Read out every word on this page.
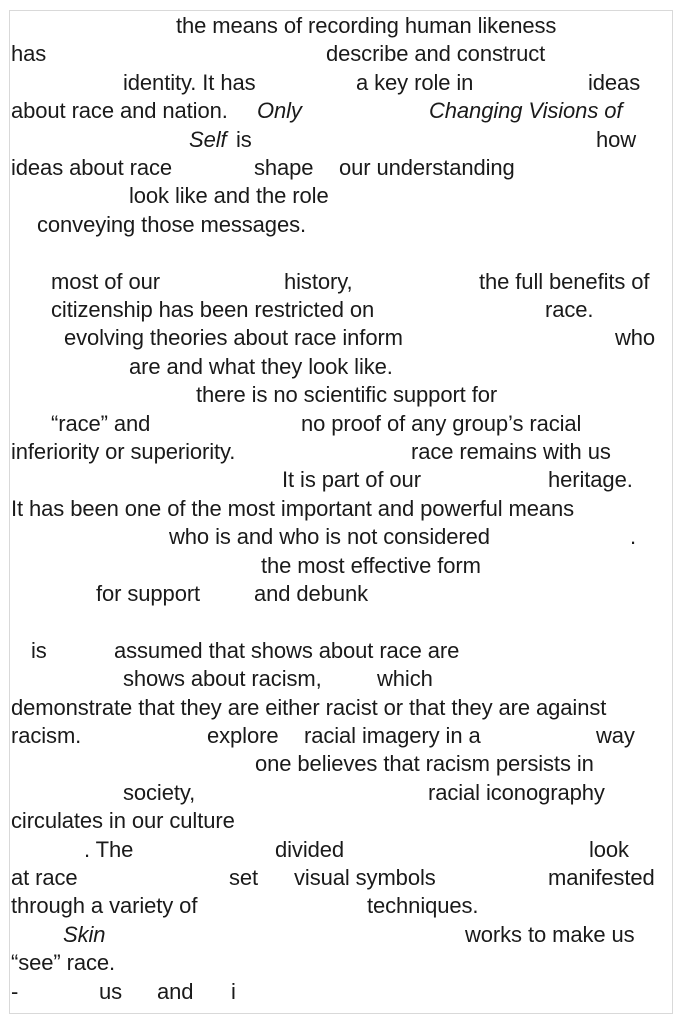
the means of recording human likeness
has	describe and construct
identity. It has	a key role in	ideas
about race and nation. Only	Changing Visions of
Self is	how
ideas about race	shape our understanding
look like and the role
conveying those messages.
most of our	history,	the full benefits of
citizenship has been restricted on	race.
evolving theories about race inform	who
are and what they look like.
there is no scientific support for
“race” and	no proof of any group’s racial
inferiority or superiority.	race remains with us
It is part of our	heritage.
It has been one of the most important and powerful means
who is and who is not considered	.
the most effective form
for support and debunk
is	assumed that shows about race are
shows about racism,	which
demonstrate that they are either racist or that they are against
racism.	explore racial imagery in a	way
one believes that racism persists in
society,	racial iconography
circulates in our culture
. The	divided	look
at race	set visual symbols	manifested
through a variety of	techniques.
Skin	works to make us
“see” race.
-	us and i
